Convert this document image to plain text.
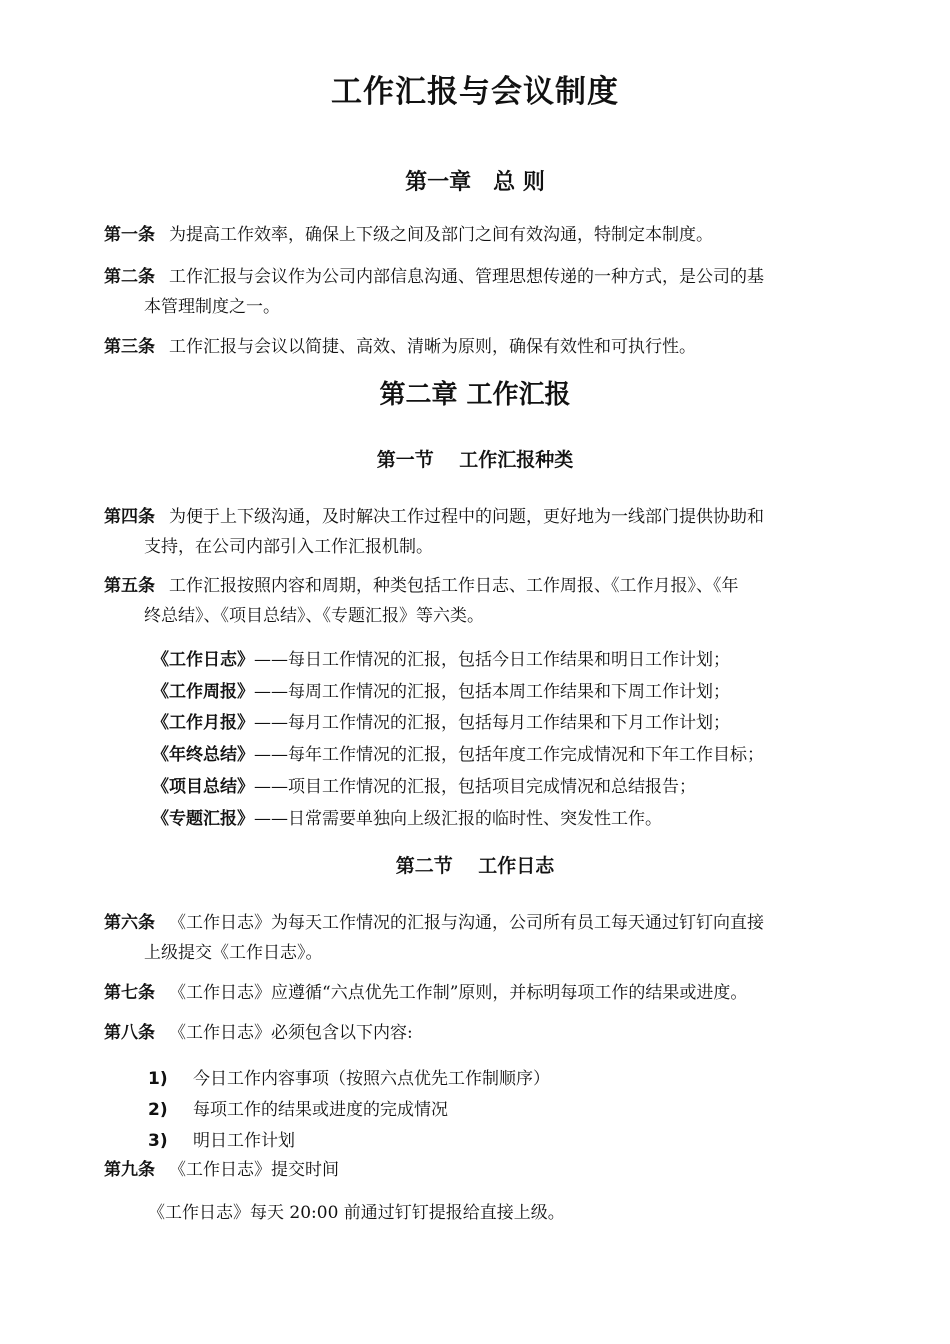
工作汇报与会议制度
第一章　总 则
第一条 为提高工作效率，确保上下级之间及部门之间有效沟通，特制定本制度。
第二条 工作汇报与会议作为公司内部信息沟通、管理思想传递的一种方式，是公司的基
本管理制度之一。
第三条 工作汇报与会议以简捷、高效、清晰为原则，确保有效性和可执行性。
第二章 工作汇报
第一节　 工作汇报种类
第四条 为便于上下级沟通，及时解决工作过程中的问题，更好地为一线部门提供协助和
支持，在公司内部引入工作汇报机制。
第五条 工作汇报按照内容和周期，种类包括工作日志、工作周报、《工作月报》、《年
终总结》、《项目总结》、《专题汇报》等六类。
《工作日志》——每日工作情况的汇报，包括今日工作结果和明日工作计划；
《工作周报》——每周工作情况的汇报，包括本周工作结果和下周工作计划；
《工作月报》——每月工作情况的汇报，包括每月工作结果和下月工作计划；
《年终总结》——每年工作情况的汇报，包括年度工作完成情况和下年工作目标；
《项目总结》——项目工作情况的汇报，包括项目完成情况和总结报告；
《专题汇报》——日常需要单独向上级汇报的临时性、突发性工作。
第二节　 工作日志
第六条 《工作日志》为每天工作情况的汇报与沟通，公司所有员工每天通过钉钉向直接
上级提交《工作日志》。
第七条 《工作日志》应遵循“六点优先工作制”原则，并标明每项工作的结果或进度。
第八条 《工作日志》必须包含以下内容:
1) 今日工作内容事项（按照六点优先工作制顺序）
2) 每项工作的结果或进度的完成情况
3) 明日工作计划
第九条 《工作日志》提交时间
《工作日志》每天 20:00 前通过钉钉提报给直接上级。
